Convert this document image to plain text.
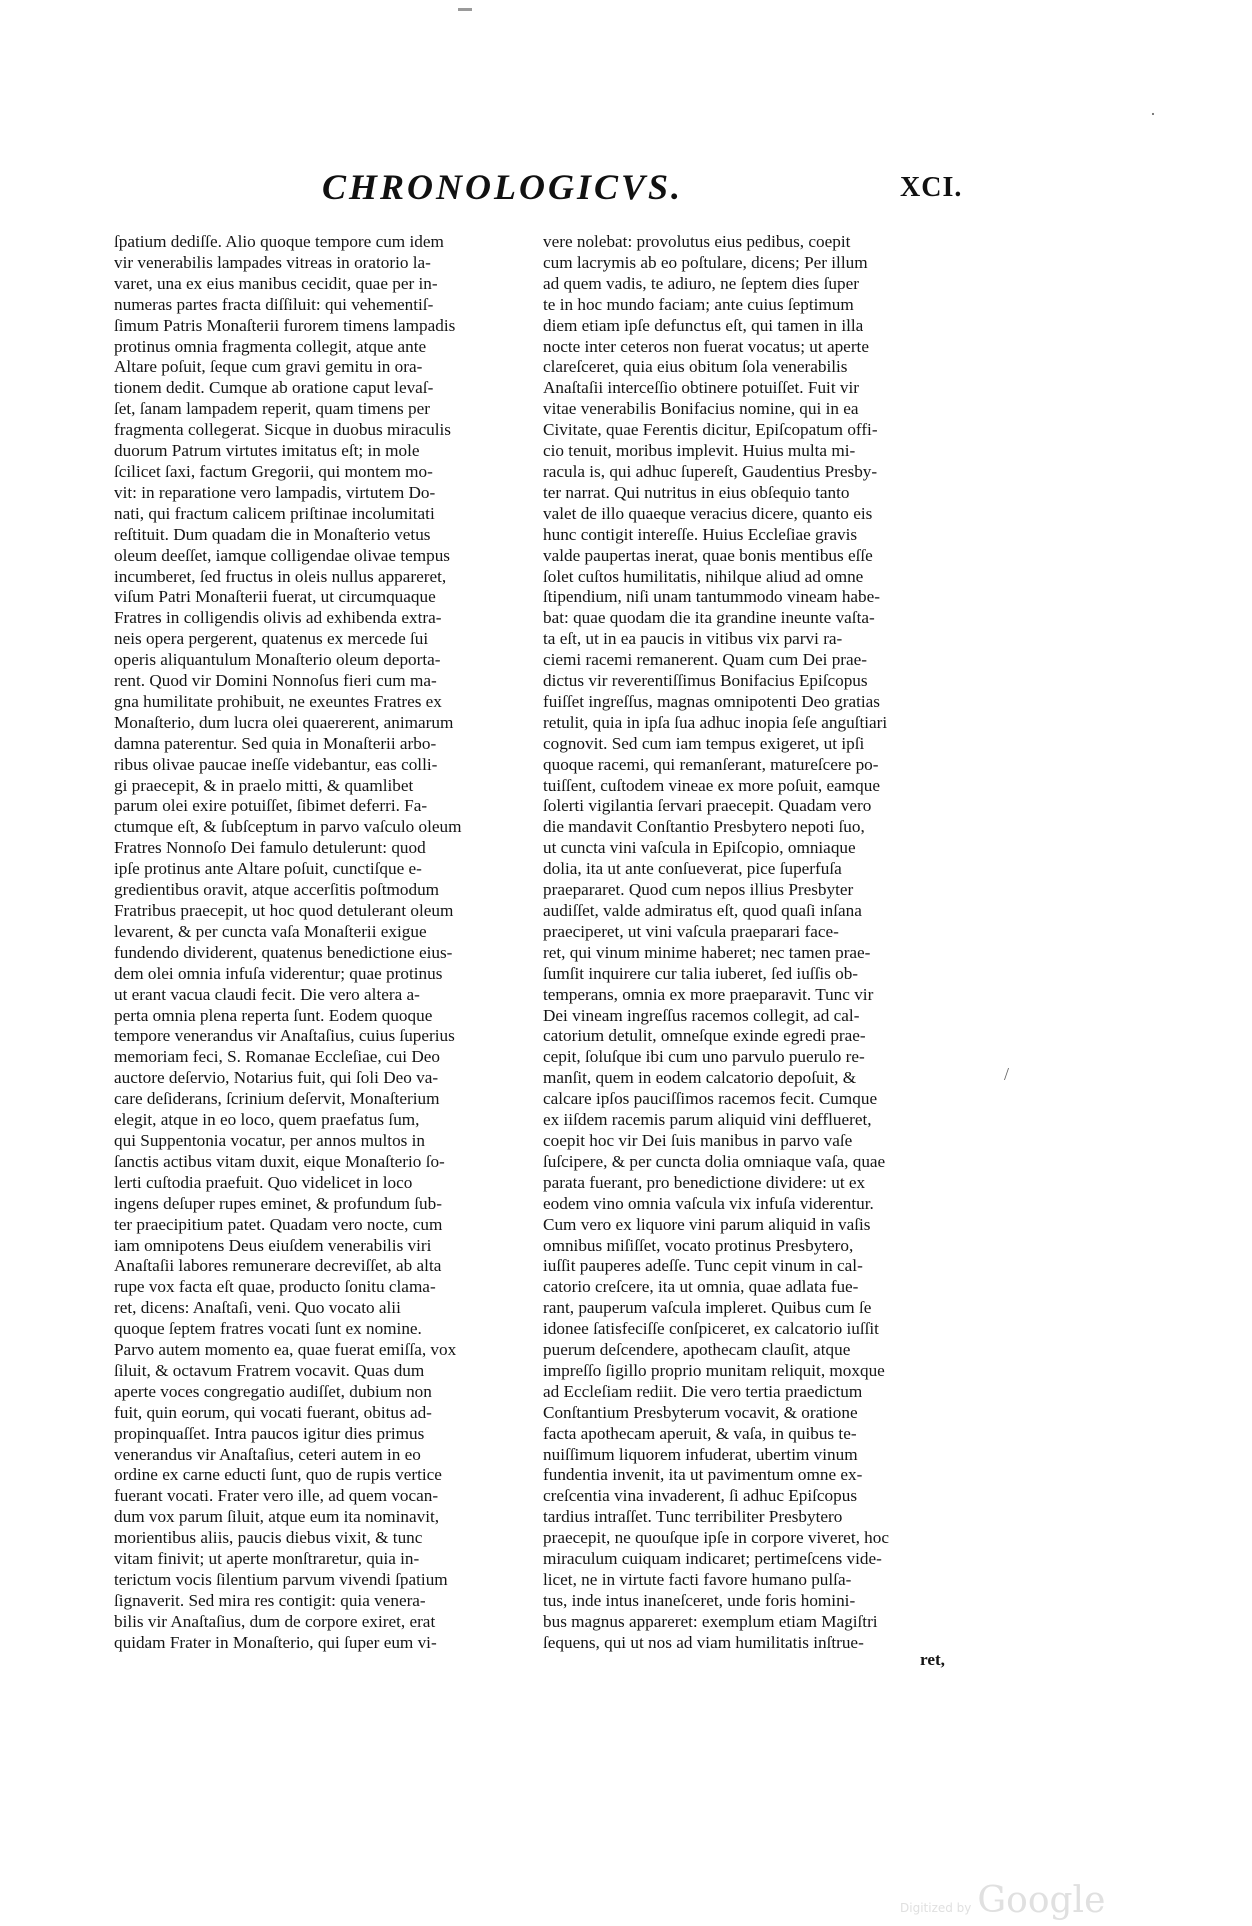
CHRONOLOGICVS.	XCI.
ſpatium dediſſe. Alio quoque tempore cum idem
vir venerabilis lampades vitreas in oratorio la-
varet, una ex eius manibus cecidit, quae per in-
numeras partes fracta diſſiluit: qui vehementiſ-
ſimum Patris Monaſterii furorem timens lampadis
protinus omnia fragmenta collegit, atque ante
Altare poſuit, ſeque cum gravi gemitu in ora-
tionem dedit. Cumque ab oratione caput levaſ-
ſet, ſanam lampadem reperit, quam timens per
fragmenta collegerat. Sicque in duobus miraculis
duorum Patrum virtutes imitatus eſt; in mole
ſcilicet ſaxi, factum Gregorii, qui montem mo-
vit: in reparatione vero lampadis, virtutem Do-
nati, qui fractum calicem priſtinae incolumitati
reſtituit. Dum quadam die in Monaſterio vetus
oleum deeſſet, iamque colligendae olivae tempus
incumberet, ſed fructus in oleis nullus appareret,
viſum Patri Monaſterii fuerat, ut circumquaque
Fratres in colligendis olivis ad exhibenda extra-
neis opera pergerent, quatenus ex mercede ſui
operis aliquantulum Monaſterio oleum deporta-
rent. Quod vir Domini Nonnoſus fieri cum ma-
gna humilitate prohibuit, ne exeuntes Fratres ex
Monaſterio, dum lucra olei quaererent, animarum
damna paterentur. Sed quia in Monaſterii arbo-
ribus olivae paucae ineſſe videbantur, eas colli-
gi praecepit, & in praelo mitti, & quamlibet
parum olei exire potuiſſet, ſibimet deferri. Fa-
ctumque eſt, & ſubſceptum in parvo vaſculo oleum
Fratres Nonnoſo Dei famulo detulerunt: quod
ipſe protinus ante Altare poſuit, cunctiſque e-
gredientibus oravit, atque accerſitis poſtmodum
Fratribus praecepit, ut hoc quod detulerant oleum
levarent, & per cuncta vaſa Monaſterii exigue
fundendo dividerent, quatenus benedictione eius-
dem olei omnia infuſa viderentur; quae protinus
ut erant vacua claudi fecit. Die vero altera a-
perta omnia plena reperta ſunt. Eodem quoque
tempore venerandus vir Anaſtaſius, cuius ſuperius
memoriam feci, S. Romanae Eccleſiae, cui Deo
auctore deſervio, Notarius fuit, qui ſoli Deo va-
care deſiderans, ſcrinium deſervit, Monaſterium
elegit, atque in eo loco, quem praefatus ſum,
qui Suppentonia vocatur, per annos multos in
ſanctis actibus vitam duxit, eique Monaſterio ſo-
lerti cuſtodia praefuit. Quo videlicet in loco
ingens deſuper rupes eminet, & profundum ſub-
ter praecipitium patet. Quadam vero nocte, cum
iam omnipotens Deus eiuſdem venerabilis viri
Anaſtaſii labores remunerare decreviſſet, ab alta
rupe vox facta eſt quae, producto ſonitu clama-
ret, dicens: Anaſtaſi, veni. Quo vocato alii
quoque ſeptem fratres vocati ſunt ex nomine.
Parvo autem momento ea, quae fuerat emiſſa, vox
ſiluit, & octavum Fratrem vocavit. Quas dum
aperte voces congregatio audiſſet, dubium non
fuit, quin eorum, qui vocati fuerant, obitus ad-
propinquaſſet. Intra paucos igitur dies primus
venerandus vir Anaſtaſius, ceteri autem in eo
ordine ex carne educti ſunt, quo de rupis vertice
fuerant vocati. Frater vero ille, ad quem vocan-
dum vox parum ſiluit, atque eum ita nominavit,
morientibus aliis, paucis diebus vixit, & tunc
vitam finivit; ut aperte monſtraretur, quia in-
terictum vocis ſilentium parvum vivendi ſpatium
ſignaverit. Sed mira res contigit: quia venera-
bilis vir Anaſtaſius, dum de corpore exiret, erat
quidam Frater in Monaſterio, qui ſuper eum vi-
vere nolebat: provolutus eius pedibus, coepit
cum lacrymis ab eo poſtulare, dicens; Per illum
ad quem vadis, te adiuro, ne ſeptem dies ſuper
te in hoc mundo faciam; ante cuius ſeptimum
diem etiam ipſe defunctus eſt, qui tamen in illa
nocte inter ceteros non fuerat vocatus; ut aperte
clareſceret, quia eius obitum ſola venerabilis
Anaſtaſii interceſſio obtinere potuiſſet. Fuit vir
vitae venerabilis Bonifacius nomine, qui in ea
Civitate, quae Ferentis dicitur, Epiſcopatum offi-
cio tenuit, moribus implevit. Huius multa mi-
racula is, qui adhuc ſupereſt, Gaudentius Presby-
ter narrat. Qui nutritus in eius obſequio tanto
valet de illo quaeque veracius dicere, quanto eis
hunc contigit intereſſe. Huius Eccleſiae gravis
valde paupertas inerat, quae bonis mentibus eſſe
ſolet cuſtos humilitatis, nihilque aliud ad omne
ſtipendium, niſi unam tantummodo vineam habe-
bat: quae quodam die ita grandine ineunte vaſta-
ta eſt, ut in ea paucis in vitibus vix parvi ra-
ciemi racemi remanerent. Quam cum Dei prae-
dictus vir reverentiſſimus Bonifacius Epiſcopus
fuiſſet ingreſſus, magnas omnipotenti Deo gratias
retulit, quia in ipſa ſua adhuc inopia ſeſe anguſtiari
cognovit. Sed cum iam tempus exigeret, ut ipſi
quoque racemi, qui remanſerant, matureſcere po-
tuiſſent, cuſtodem vineae ex more poſuit, eamque
ſolerti vigilantia ſervari praecepit. Quadam vero
die mandavit Conſtantio Presbytero nepoti ſuo,
ut cuncta vini vaſcula in Epiſcopio, omniaque
dolia, ita ut ante conſueverat, pice ſuperfuſa
praepararet. Quod cum nepos illius Presbyter
audiſſet, valde admiratus eſt, quod quaſi inſana
praeciperet, ut vini vaſcula praeparari face-
ret, qui vinum minime haberet; nec tamen prae-
ſumſit inquirere cur talia iuberet, ſed iuſſis ob-
temperans, omnia ex more praeparavit. Tunc vir
Dei vineam ingreſſus racemos collegit, ad cal-
catorium detulit, omneſque exinde egredi prae-
cepit, ſoluſque ibi cum uno parvulo puerulo re-
manſit, quem in eodem calcatorio depoſuit, &
calcare ipſos pauciſſimos racemos fecit. Cumque
ex iiſdem racemis parum aliquid vini defflueret,
coepit hoc vir Dei ſuis manibus in parvo vaſe
ſuſcipere, & per cuncta dolia omniaque vaſa, quae
parata fuerant, pro benedictione dividere: ut ex
eodem vino omnia vaſcula vix infuſa viderentur.
Cum vero ex liquore vini parum aliquid in vaſis
omnibus miſiſſet, vocato protinus Presbytero,
iuſſit pauperes adeſſe. Tunc cepit vinum in cal-
catorio creſcere, ita ut omnia, quae adlata fue-
rant, pauperum vaſcula impleret. Quibus cum ſe
idonee ſatisfeciſſe conſpiceret, ex calcatorio iuſſit
puerum deſcendere, apothecam clauſit, atque
impreſſo ſigillo proprio munitam reliquit, moxque
ad Eccleſiam rediit. Die vero tertia praedictum
Conſtantium Presbyterum vocavit, & oratione
facta apothecam aperuit, & vaſa, in quibus te-
nuiſſimum liquorem infuderat, ubertim vinum
fundentia invenit, ita ut pavimentum omne ex-
creſcentia vina invaderent, ſi adhuc Epiſcopus
tardius intraſſet. Tunc terribiliter Presbytero
praecepit, ne quouſque ipſe in corpore viveret, hoc
miraculum cuiquam indicaret; pertimeſcens vide-
licet, ne in virtute facti favore humano pulſa-
tus, inde intus inaneſceret, unde foris homini-
bus magnus appareret: exemplum etiam Magiſtri
ſequens, qui ut nos ad viam humilitatis inſtrue-
ret,
/
·
Digitized by Google
